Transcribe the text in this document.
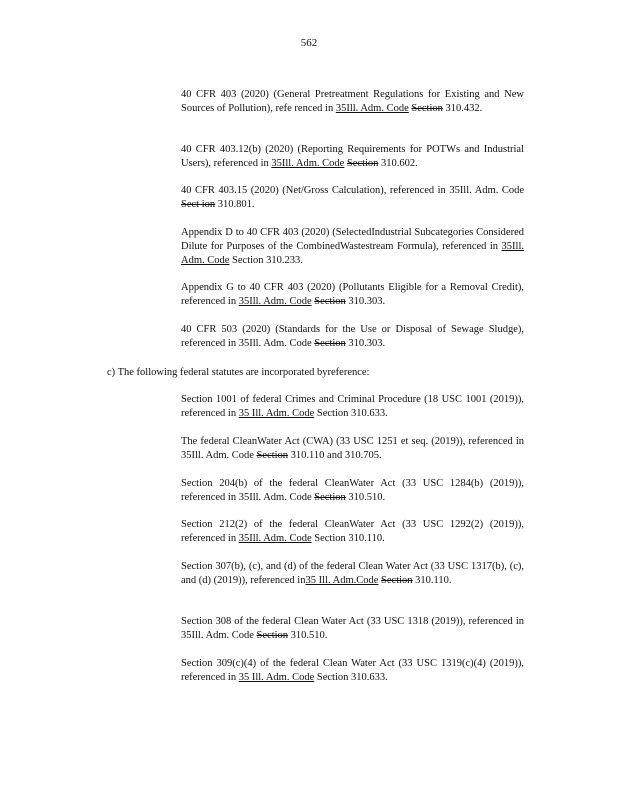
562
40 CFR 403 (2020) (General Pretreatment Regulations for Existing and New Sources of Pollution), refe renced in 35Ill. Adm. Code Section 310.432.
40 CFR 403.12(b) (2020) (Reporting Requirements for POTWs and Industrial Users), referenced in 35Ill. Adm. Code Section 310.602.
40 CFR 403.15 (2020) (Net/Gross Calculation), referenced in 35Ill. Adm. Code Sect ion 310.801.
Appendix D to 40 CFR 403 (2020) (SelectedIndustrial Subcategories Considered Dilute for Purposes of the CombinedWastestream Formula), referenced in 35Ill. Adm. Code Section 310.233.
Appendix G to 40 CFR 403 (2020) (Pollutants Eligible for a Removal Credit), referenced in 35Ill. Adm. Code Section 310.303.
40 CFR 503 (2020) (Standards for the Use or Disposal of Sewage Sludge), referenced in 35Ill. Adm. Code Section 310.303.
c) The following federal statutes are incorporated byreference:
Section 1001 of federal Crimes and Criminal Procedure (18 USC 1001 (2019)), referenced in 35 Ill. Adm. Code Section 310.633.
The federal CleanWater Act (CWA) (33 USC 1251 et seq. (2019)), referenced in 35Ill. Adm. Code Section 310.110 and 310.705.
Section 204(b) of the federal CleanWater Act (33 USC 1284(b) (2019)), referenced in 35Ill. Adm. Code Section 310.510.
Section 212(2) of the federal CleanWater Act (33 USC 1292(2) (2019)), referenced in 35Ill. Adm. Code Section 310.110.
Section 307(b), (c), and (d) of the federal Clean Water Act (33 USC 1317(b), (c), and (d) (2019)), referenced in35 Ill. Adm.Code Section 310.110.
Section 308 of the federal Clean Water Act (33 USC 1318 (2019)), referenced in 35Ill. Adm. Code Section 310.510.
Section 309(c)(4) of the federal Clean Water Act (33 USC 1319(c)(4) (2019)), referenced in 35 Ill. Adm. Code Section 310.633.
